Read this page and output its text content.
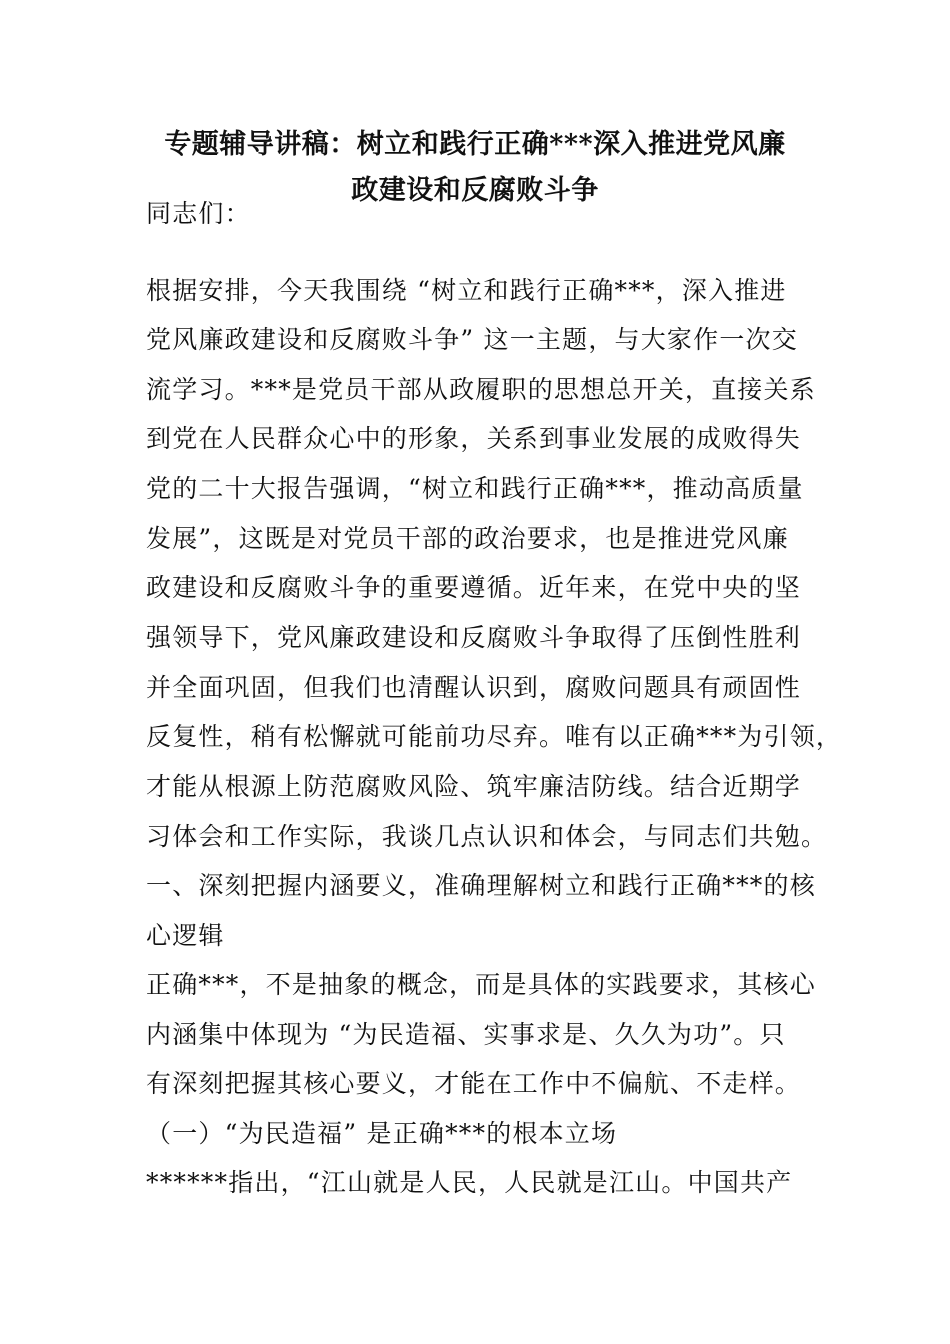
专题辅导讲稿：树立和践行正确***深入推进党风廉
政建设和反腐败斗争
同志们：
根据安排，今天我围绕 “树立和践行正确***，深入推进
党风廉政建设和反腐败斗争” 这一主题，与大家作一次交
流学习。***是党员干部从政履职的思想总开关，直接关系
到党在人民群众心中的形象，关系到事业发展的成败得失
党的二十大报告强调，“树立和践行正确***，推动高质量
发展”，这既是对党员干部的政治要求，也是推进党风廉
政建设和反腐败斗争的重要遵循。近年来，在党中央的坚
强领导下，党风廉政建设和反腐败斗争取得了压倒性胜利
并全面巩固，但我们也清醒认识到，腐败问题具有顽固性
反复性，稍有松懈就可能前功尽弃。唯有以正确***为引领，
才能从根源上防范腐败风险、筑牢廉洁防线。结合近期学
习体会和工作实际，我谈几点认识和体会，与同志们共勉。
一、深刻把握内涵要义，准确理解树立和践行正确***的核
心逻辑
正确***，不是抽象的概念，而是具体的实践要求，其核心
内涵集中体现为 “为民造福、实事求是、久久为功”。只
有深刻把握其核心要义，才能在工作中不偏航、不走样。
（一）“为民造福” 是正确***的根本立场
******指出，“江山就是人民，人民就是江山。中国共产
